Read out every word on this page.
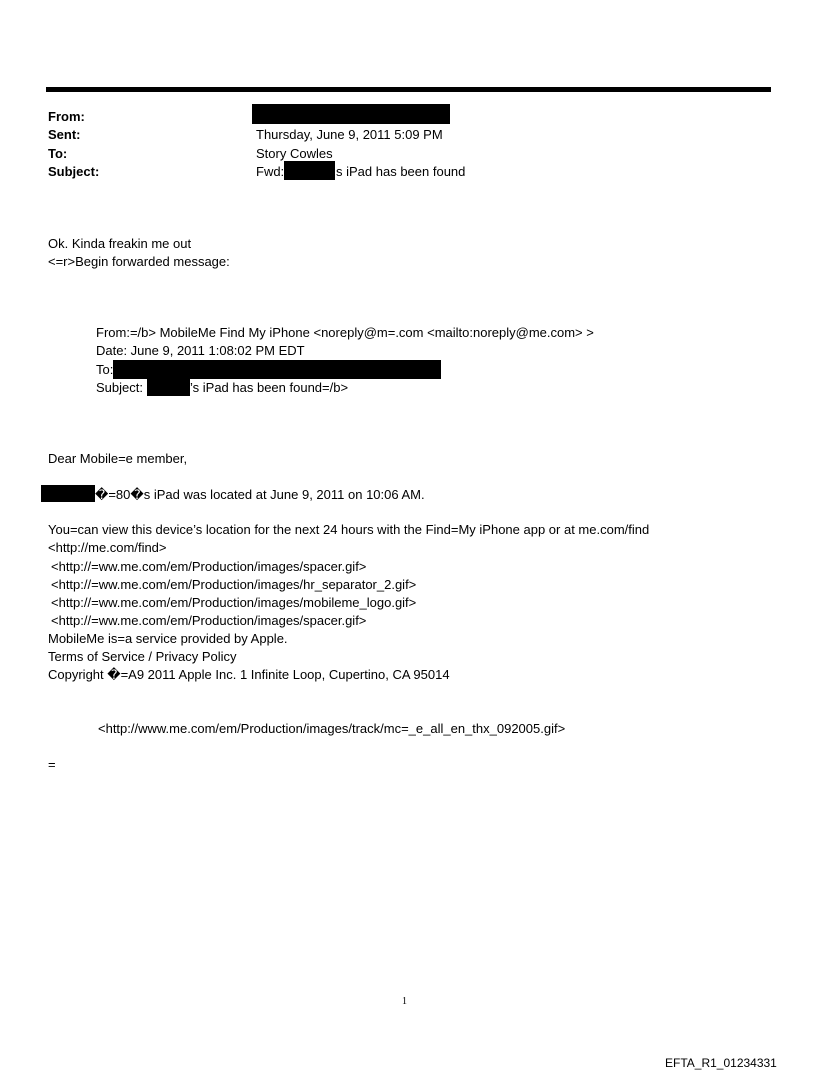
From:
Sent:	Thursday, June 9, 2011 5:09 PM
To:	Story Cowles
Subject:	Fwd:	s iPad has been found
Ok. Kinda freakin me out
<=r>Begin forwarded message:
From:=/b> MobileMe Find My iPhone <noreply@m=.com <mailto:noreply@me.com> >
Date: June 9, 2011 1:08:02 PM EDT
To:
Subject:	’s iPad has been found=/b>
Dear Mobile=e member,
�=80�s iPad was located at June 9, 2011 on 10:06 AM.
You=can view this device’s location for the next 24 hours with the Find=My iPhone app or at me.com/find
<http://me.com/find>
<http://=ww.me.com/em/Production/images/spacer.gif>
<http://=ww.me.com/em/Production/images/hr_separator_2.gif>
<http://=ww.me.com/em/Production/images/mobileme_logo.gif>
<http://=ww.me.com/em/Production/images/spacer.gif>
MobileMe is=a service provided by Apple.
Terms of Service / Privacy Policy
Copyright �=A9 2011 Apple Inc. 1 Infinite Loop, Cupertino, CA 95014
<http://www.me.com/em/Production/images/track/mc=_e_all_en_thx_092005.gif>
=
1
EFTA_R1_01234331
